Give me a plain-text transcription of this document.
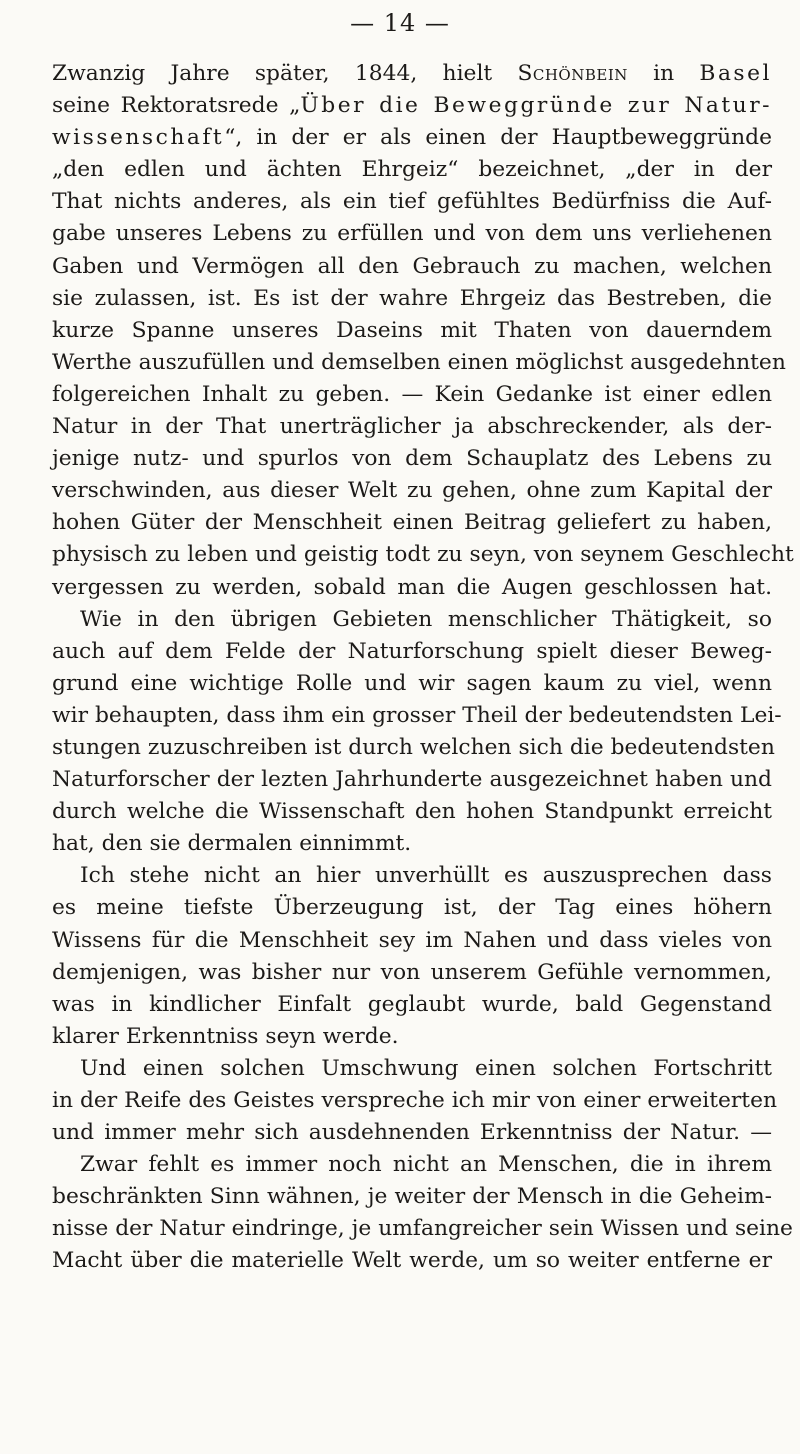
— 14 —
Zwanzig Jahre später, 1844, hielt Schönbein in Basel
seine Rektoratsrede „Über die Beweggründe zur Natur-
wissenschaft“, in der er als einen der Hauptbeweggründe
„den edlen und ächten Ehrgeiz“ bezeichnet, „der in der
That nichts anderes, als ein tief gefühltes Bedürfniss die Auf-
gabe unseres Lebens zu erfüllen und von dem uns verliehenen
Gaben und Vermögen all den Gebrauch zu machen, welchen
sie zulassen, ist. Es ist der wahre Ehrgeiz das Bestreben, die
kurze Spanne unseres Daseins mit Thaten von dauerndem
Werthe auszufüllen und demselben einen möglichst ausgedehnten
folgereichen Inhalt zu geben. — Kein Gedanke ist einer edlen
Natur in der That unerträglicher ja abschreckender, als der-
jenige nutz- und spurlos von dem Schauplatz des Lebens zu
verschwinden, aus dieser Welt zu gehen, ohne zum Kapital der
hohen Güter der Menschheit einen Beitrag geliefert zu haben,
physisch zu leben und geistig todt zu seyn, von seynem Geschlecht
vergessen zu werden, sobald man die Augen geschlossen hat.
Wie in den übrigen Gebieten menschlicher Thätigkeit, so
auch auf dem Felde der Naturforschung spielt dieser Beweg-
grund eine wichtige Rolle und wir sagen kaum zu viel, wenn
wir behaupten, dass ihm ein grosser Theil der bedeutendsten Lei-
stungen zuzuschreiben ist durch welchen sich die bedeutendsten
Naturforscher der lezten Jahrhunderte ausgezeichnet haben und
durch welche die Wissenschaft den hohen Standpunkt erreicht
hat, den sie dermalen einnimmt.
Ich stehe nicht an hier unverhüllt es auszusprechen dass
es meine tiefste Überzeugung ist, der Tag eines höhern
Wissens für die Menschheit sey im Nahen und dass vieles von
demjenigen, was bisher nur von unserem Gefühle vernommen,
was in kindlicher Einfalt geglaubt wurde, bald Gegenstand
klarer Erkenntniss seyn werde.
Und einen solchen Umschwung einen solchen Fortschritt
in der Reife des Geistes verspreche ich mir von einer erweiterten
und immer mehr sich ausdehnenden Erkenntniss der Natur. —
Zwar fehlt es immer noch nicht an Menschen, die in ihrem
beschränkten Sinn wähnen, je weiter der Mensch in die Geheim-
nisse der Natur eindringe, je umfangreicher sein Wissen und seine
Macht über die materielle Welt werde, um so weiter entferne er
